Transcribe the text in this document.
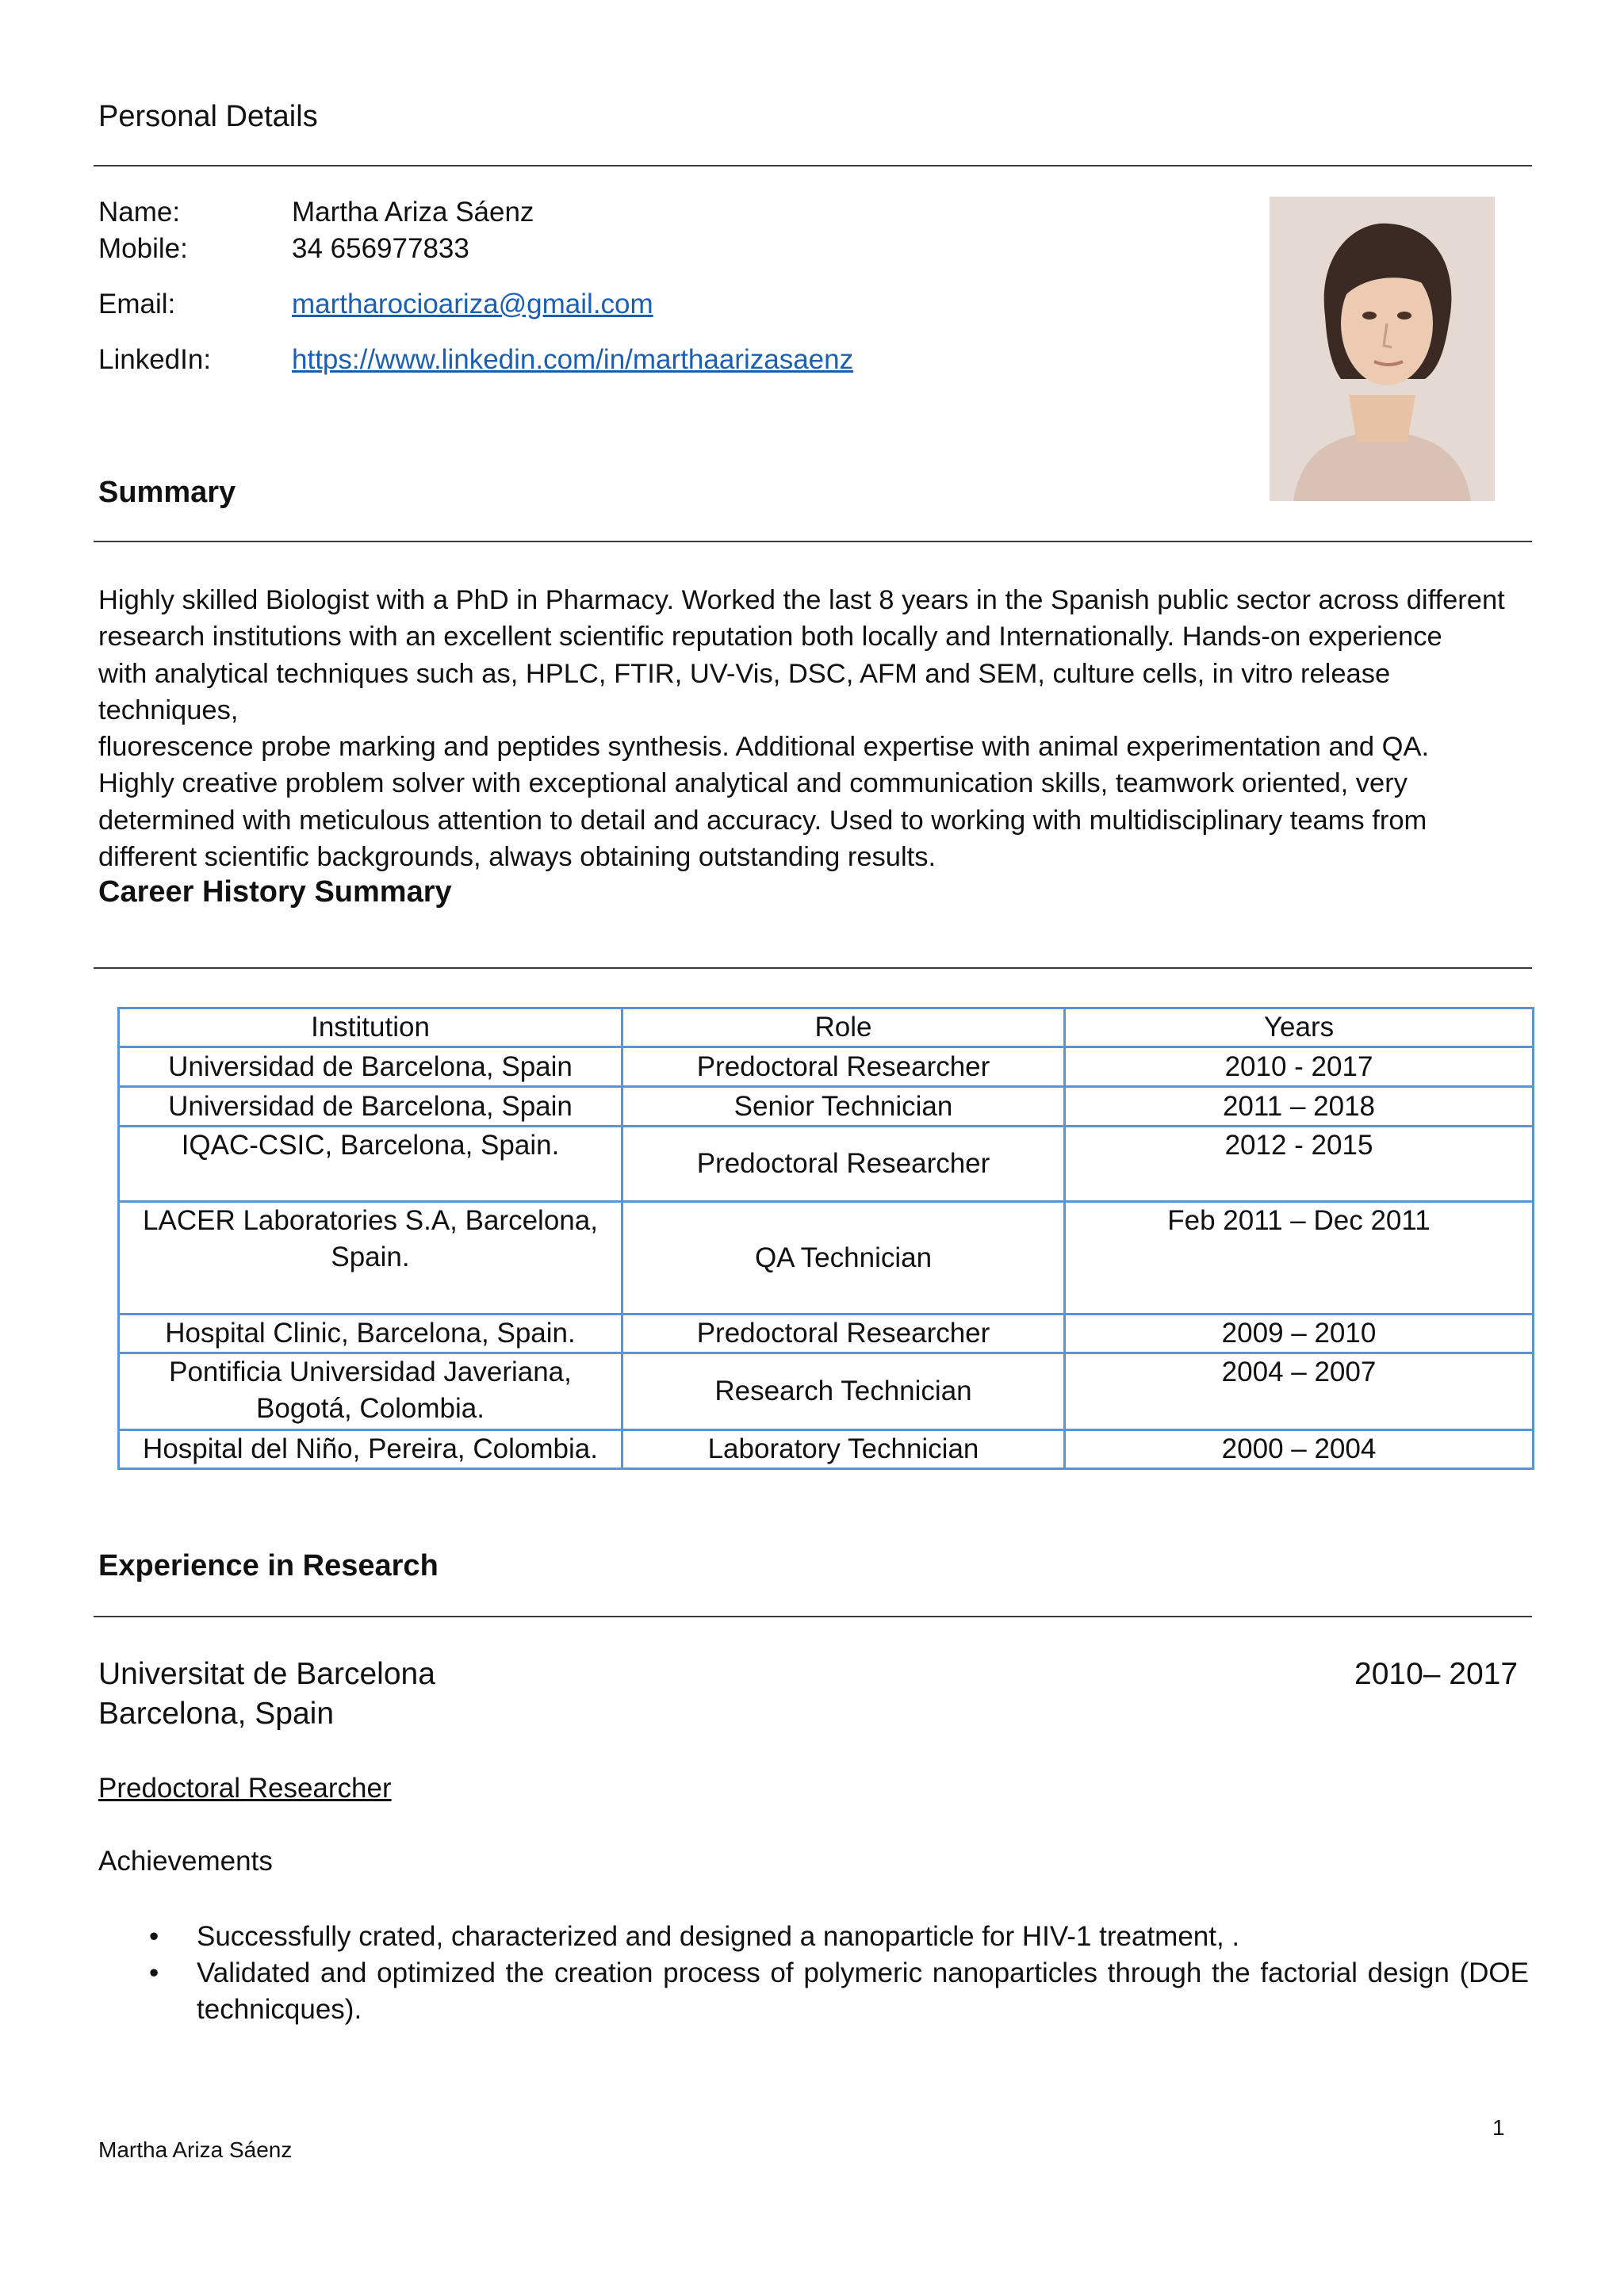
Personal Details
Name:	Martha Ariza Sáenz
Mobile:	34 656977833
Email:	martharocioariza@gmail.com
LinkedIn:	https://www.linkedin.com/in/marthaarizasaenz
Summary
Highly skilled Biologist with a PhD in Pharmacy. Worked the last 8 years in the Spanish public sector across different
research institutions with an excellent scientific reputation both locally and Internationally. Hands-on experience
with analytical techniques such as, HPLC, FTIR, UV-Vis, DSC, AFM and SEM, culture cells, in vitro release techniques,
fluorescence probe marking and peptides synthesis. Additional expertise with animal experimentation and QA.
Highly creative problem solver with exceptional analytical and communication skills, teamwork oriented, very
determined with meticulous attention to detail and accuracy. Used to working with multidisciplinary teams from
different scientific backgrounds, always obtaining outstanding results.
Career History Summary
Institution	Role	Years
Universidad de Barcelona, Spain	Predoctoral Researcher	2010 - 2017
Universidad de Barcelona, Spain	Senior Technician	2011 – 2018
IQAC-CSIC, Barcelona, Spain.	Predoctoral Researcher	2012 - 2015
LACER Laboratories S.A, Barcelona, Spain.	QA Technician	Feb 2011 – Dec 2011
Hospital Clinic, Barcelona, Spain.	Predoctoral Researcher	2009 – 2010
Pontificia Universidad Javeriana, Bogotá, Colombia.	Research Technician	2004 – 2007
Hospital del Niño, Pereira, Colombia.	Laboratory Technician	2000 – 2004
Experience in Research
Universitat de Barcelona
Barcelona, Spain
2010– 2017
Predoctoral Researcher
Achievements
• Successfully crated, characterized and designed a nanoparticle for HIV-1 treatment, .
• Validated and optimized the creation process of polymeric nanoparticles through the factorial design (DOE technicques).
1
Martha Ariza Sáenz
